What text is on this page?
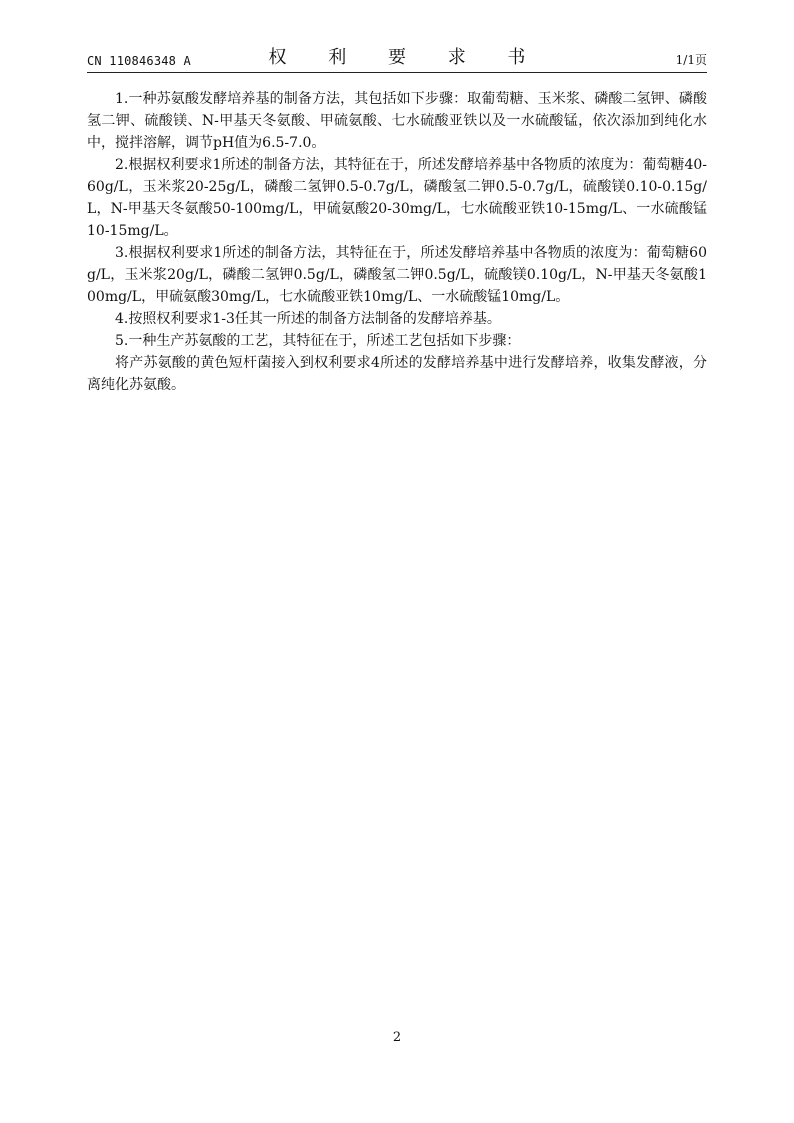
CN 110846348 A	权 利 要 求 书	1/1页

1.一种苏氨酸发酵培养基的制备方法，其包括如下步骤：取葡萄糖、玉米浆、磷酸二氢钾、磷酸氢二钾、硫酸镁、N-甲基天冬氨酸、甲硫氨酸、七水硫酸亚铁以及一水硫酸锰，依次添加到纯化水中，搅拌溶解，调节pH值为6.5-7.0。

2.根据权利要求1所述的制备方法，其特征在于，所述发酵培养基中各物质的浓度为：葡萄糖40-60g/L，玉米浆20-25g/L，磷酸二氢钾0.5-0.7g/L，磷酸氢二钾0.5-0.7g/L，硫酸镁0.10-0.15g/L，N-甲基天冬氨酸50-100mg/L，甲硫氨酸20-30mg/L，七水硫酸亚铁10-15mg/L、一水硫酸锰10-15mg/L。

3.根据权利要求1所述的制备方法，其特征在于，所述发酵培养基中各物质的浓度为：葡萄糖60g/L，玉米浆20g/L，磷酸二氢钾0.5g/L，磷酸氢二钾0.5g/L，硫酸镁0.10g/L，N-甲基天冬氨酸100mg/L，甲硫氨酸30mg/L，七水硫酸亚铁10mg/L、一水硫酸锰10mg/L。

4.按照权利要求1-3任其一所述的制备方法制备的发酵培养基。

5.一种生产苏氨酸的工艺，其特征在于，所述工艺包括如下步骤：

将产苏氨酸的黄色短杆菌接入到权利要求4所述的发酵培养基中进行发酵培养，收集发酵液，分离纯化苏氨酸。

2
